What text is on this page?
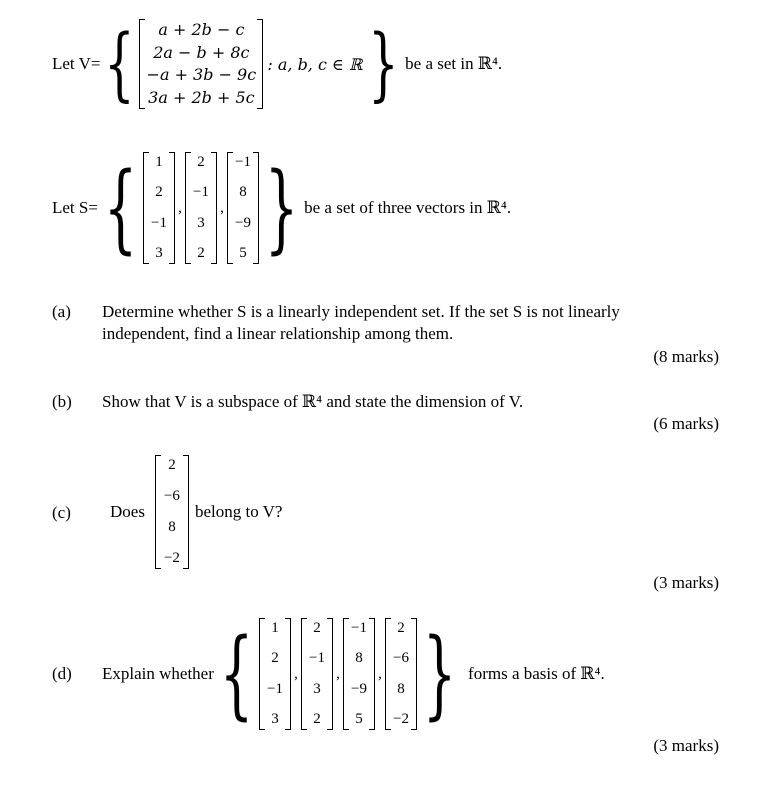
Let V= {	a + 2b − c
2a − b + 8c
−a + 3b − 9c
3a + 2b + 5c
: a, b, c ∈ ℝ } be a set in ℝ⁴.
Let S= {	1
2
−1
3
,
2
−1
3
2
,
−1
8
−9
5 } be a set of three vectors in ℝ⁴.
(a) Determine whether S is a linearly independent set. If the set S is not linearly
independent, find a linear relationship among them.
(8 marks)
(b) Show that V is a subspace of ℝ⁴ and state the dimension of V.
(6 marks)
(c) Does
2
−6
8
−2
belong to V?
(3 marks)
(d) Explain whether {	1
2
−1
3
,
2
−1
3
2
,
−1
8
−9
5
,
2
−6
8
−2 } forms a basis of ℝ⁴.
(3 marks)
